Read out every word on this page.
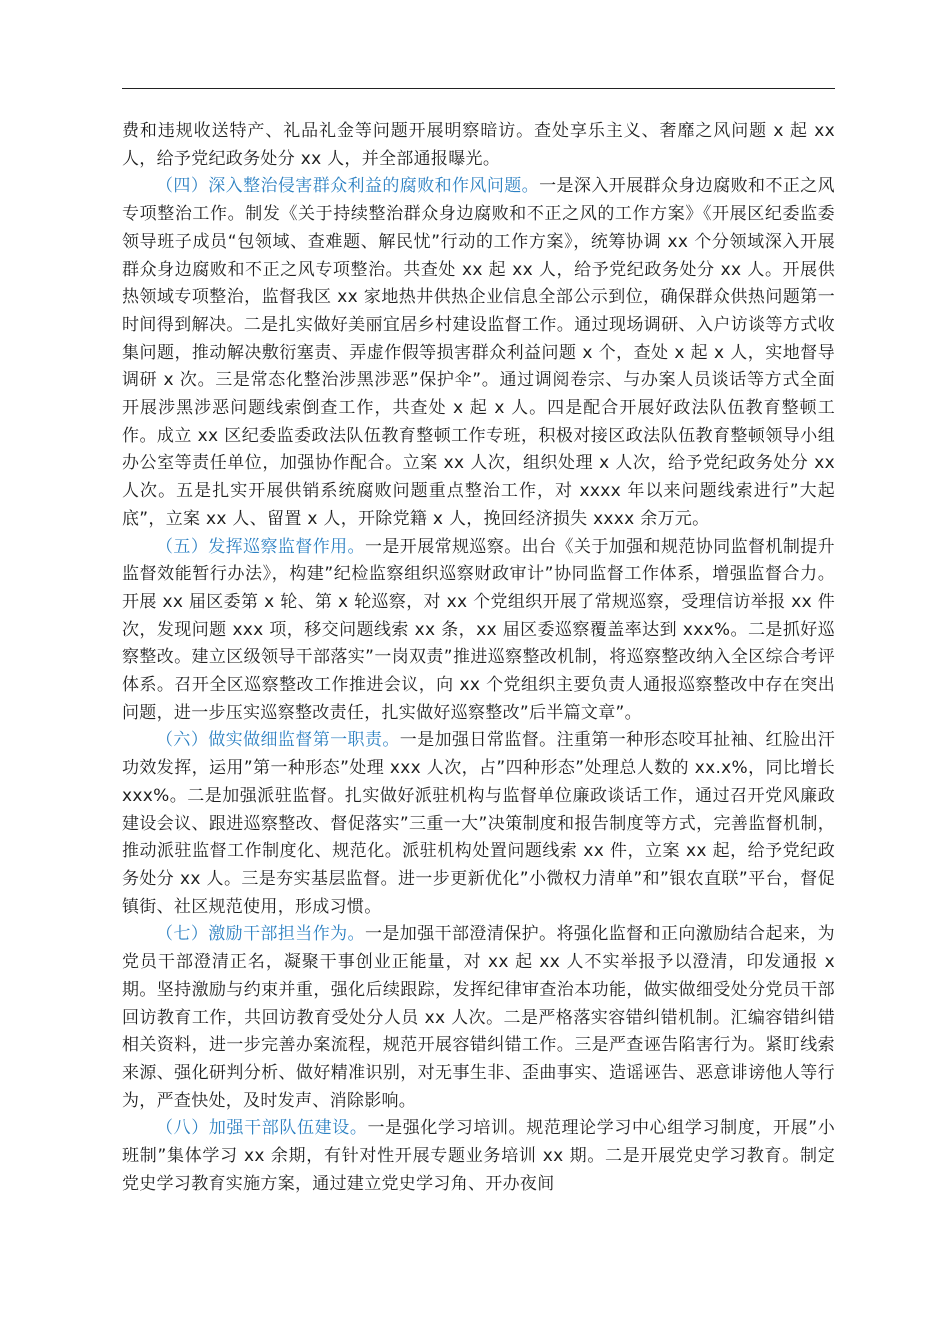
费和违规收送特产、礼品礼金等问题开展明察暗访。查处享乐主义、奢靡之风问题 x 起 xx 人，给予党纪政务处分 xx 人，并全部通报曝光。

（四）深入整治侵害群众利益的腐败和作风问题。一是深入开展群众身边腐败和不正之风专项整治工作。制发《关于持续整治群众身边腐败和不正之风的工作方案》《开展区纪委监委领导班子成员“包领域、查难题、解民忧”行动的工作方案》，统筹协调 xx 个分领域深入开展群众身边腐败和不正之风专项整治。共查处 xx 起 xx 人，给予党纪政务处分 xx 人。开展供热领域专项整治，监督我区 xx 家地热井供热企业信息全部公示到位，确保群众供热问题第一时间得到解决。二是扎实做好美丽宜居乡村建设监督工作。通过现场调研、入户访谈等方式收集问题，推动解决敷衍塞责、弄虚作假等损害群众利益问题 x 个，查处 x 起 x 人，实地督导调研 x 次。三是常态化整治涉黑涉恶”保护伞”。通过调阅卷宗、与办案人员谈话等方式全面开展涉黑涉恶问题线索倒查工作，共查处 x 起 x 人。四是配合开展好政法队伍教育整顿工作。成立 xx 区纪委监委政法队伍教育整顿工作专班，积极对接区政法队伍教育整顿领导小组办公室等责任单位，加强协作配合。立案 xx 人次，组织处理 x 人次，给予党纪政务处分 xx 人次。五是扎实开展供销系统腐败问题重点整治工作，对 xxxx 年以来问题线索进行”大起底”，立案 xx 人、留置 x 人，开除党籍 x 人，挽回经济损失 xxxx 余万元。

（五）发挥巡察监督作用。一是开展常规巡察。出台《关于加强和规范协同监督机制提升监督效能暂行办法》，构建”纪检监察组织巡察财政审计”协同监督工作体系，增强监督合力。开展 xx 届区委第 x 轮、第 x 轮巡察，对 xx 个党组织开展了常规巡察，受理信访举报 xx 件次，发现问题 xxx 项，移交问题线索 xx 条，xx 届区委巡察覆盖率达到 xxx%。二是抓好巡察整改。建立区级领导干部落实”一岗双责”推进巡察整改机制，将巡察整改纳入全区综合考评体系。召开全区巡察整改工作推进会议，向 xx 个党组织主要负责人通报巡察整改中存在突出问题，进一步压实巡察整改责任，扎实做好巡察整改”后半篇文章”。

（六）做实做细监督第一职责。一是加强日常监督。注重第一种形态咬耳扯袖、红脸出汗功效发挥，运用”第一种形态”处理 xxx 人次，占”四种形态”处理总人数的 xx.x%，同比增长 xxx%。二是加强派驻监督。扎实做好派驻机构与监督单位廉政谈话工作，通过召开党风廉政建设会议、跟进巡察整改、督促落实”三重一大”决策制度和报告制度等方式，完善监督机制，推动派驻监督工作制度化、规范化。派驻机构处置问题线索 xx 件，立案 xx 起，给予党纪政务处分 xx 人。三是夯实基层监督。进一步更新优化”小微权力清单”和”银农直联”平台，督促镇街、社区规范使用，形成习惯。

（七）激励干部担当作为。一是加强干部澄清保护。将强化监督和正向激励结合起来，为党员干部澄清正名，凝聚干事创业正能量，对 xx 起 xx 人不实举报予以澄清，印发通报 x 期。坚持激励与约束并重，强化后续跟踪，发挥纪律审查治本功能，做实做细受处分党员干部回访教育工作，共回访教育受处分人员 xx 人次。二是严格落实容错纠错机制。汇编容错纠错相关资料，进一步完善办案流程，规范开展容错纠错工作。三是严查诬告陷害行为。紧盯线索来源、强化研判分析、做好精准识别，对无事生非、歪曲事实、造谣诬告、恶意诽谤他人等行为，严查快处，及时发声、消除影响。

（八）加强干部队伍建设。一是强化学习培训。规范理论学习中心组学习制度，开展”小班制”集体学习 xx 余期，有针对性开展专题业务培训 xx 期。二是开展党史学习教育。制定党史学习教育实施方案，通过建立党史学习角、开办夜间
